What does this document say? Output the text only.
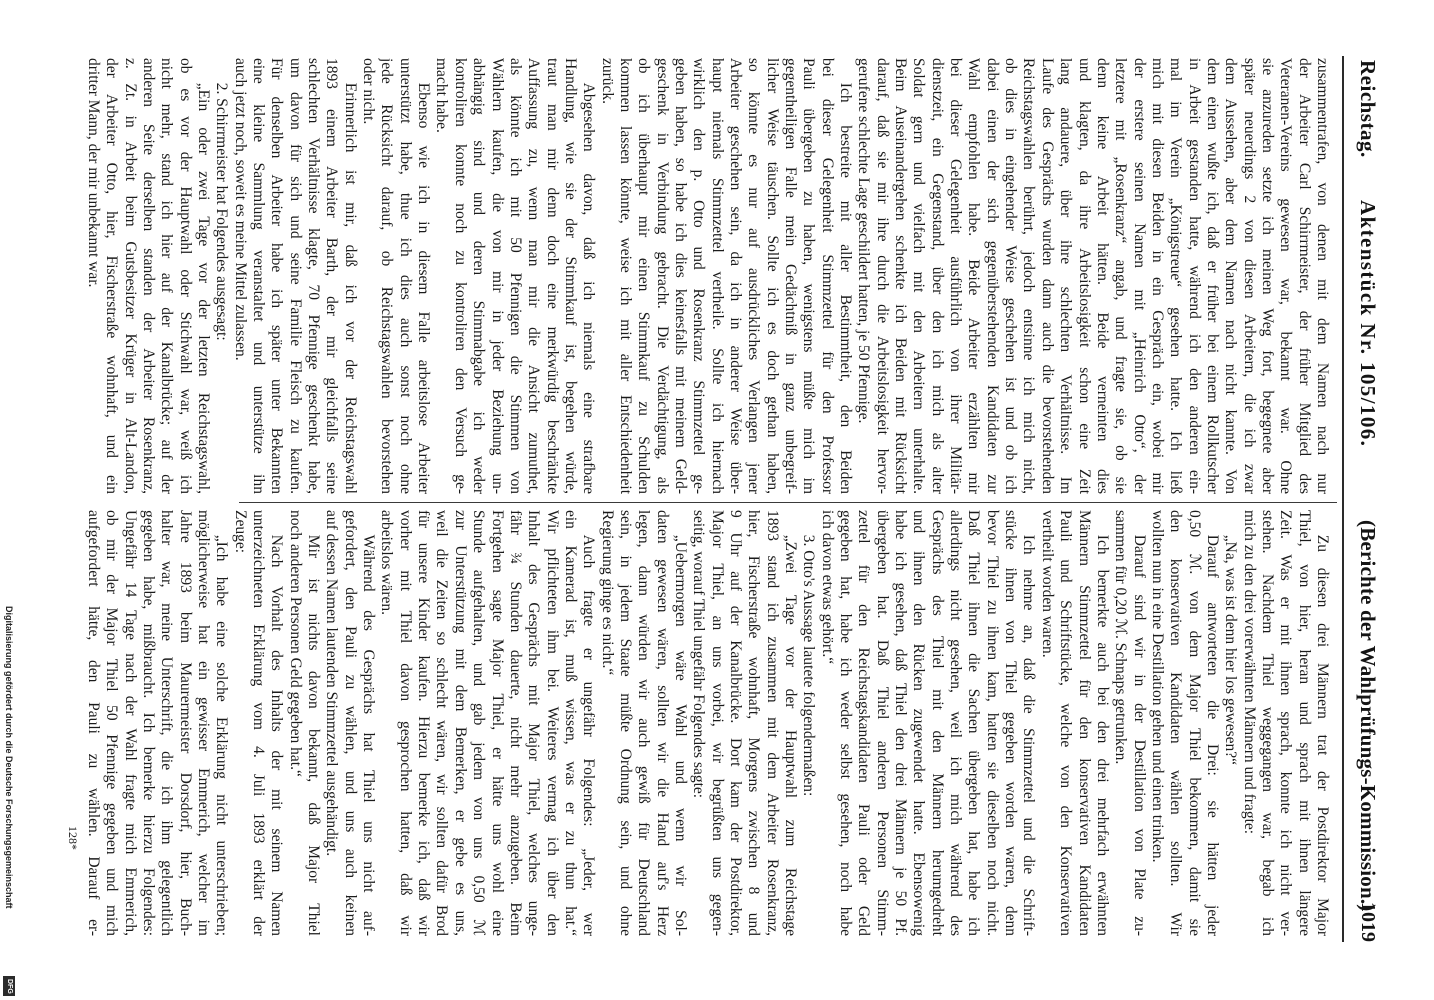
Reichstag.
Aktenstück Nr. 105/106.
(Berichte der Wahlprüfungs-Kommission.)
1019
zusammentrafen, von denen mit dem Namen nach nur
der Arbeiter Carl Schirrmeister, der früher Mitglied des
Veteranen-Vereins gewesen war, bekannt war. Ohne
sie anzureden setzte ich meinen Weg fort, begegnete aber
später neuerdings 2 von diesen Arbeitern, die ich zwar
dem Aussehen, aber dem Namen nach nicht kannte. Von
dem einen wußte ich, daß er früher bei einem Rollkutscher
in Arbeit gestanden hatte, während ich den anderen ein-
mal im Verein „Königstreue“ gesehen hatte. Ich ließ
mich mit diesen Beiden in ein Gespräch ein, wobei mir
der erstere seinen Namen mit „Heinrich Otto“, der
letztere mit „Rosenkranz“ angab, und fragte sie, ob sie
denn keine Arbeit hätten. Beide verneinten dies
und klagten, da ihre Arbeitslosigkeit schon eine Zeit
lang andauere, über ihre schlechten Verhältnisse. Im
Laufe des Gesprächs wurden dann auch die bevorstehenden
Reichstagswahlen berührt, jedoch entsinne ich mich nicht,
ob dies in eingehender Weise geschehen ist und ob ich
dabei einen der sich gegenüberstehenden Kandidaten zur
Wahl empfohlen habe. Beide Arbeiter erzählten mir
bei dieser Gelegenheit ausführlich von ihrer Militär-
dienstzeit, ein Gegenstand, über den ich mich als alter
Soldat gern und vielfach mit den Arbeitern unterhalte.
Beim Auseinandergehen schenkte ich Beiden mit Rücksicht
darauf, daß sie mir ihre durch die Arbeitslosigkeit hervor-
gerufene schlechte Lage geschildert hatten, je 50 Pfennige.
Ich bestreite mit aller Bestimmtheit, den Beiden
bei dieser Gelegenheit Stimmzettel für den Professor
Pauli übergeben zu haben, wenigstens müßte mich im
gegentheiligen Falle mein Gedächtniß in ganz unbegreif-
licher Weise täuschen. Sollte ich es doch gethan haben,
so könnte es nur auf ausdrückliches Verlangen jener
Arbeiter geschehen sein, da ich in anderer Weise über-
haupt niemals Stimmzettel vertheile. Sollte ich hiernach
wirklich den p. Otto und Rosenkranz Stimmzettel ge-
geben haben, so habe ich dies keinesfalls mit meinem Geld-
geschenk in Verbindung gebracht. Die Verdächtigung, als
ob ich überhaupt mir einen Stimmkauf zu Schulden
kommen lassen könnte, weise ich mit aller Entschiedenheit
zurück.
Abgesehen davon, daß ich niemals eine strafbare
Handlung, wie sie der Stimmkauf ist, begehen würde,
traut man mir denn doch eine merkwürdig beschränkte
Auffassung zu, wenn man mir die Ansicht zumuthet,
als könnte ich mit 50 Pfennigen die Stimmen von
Wählern kaufen, die von mir in jeder Beziehung un-
abhängig sind und deren Stimmabgabe ich weder
kontroliren konnte noch zu kontroliren den Versuch ge-
macht habe.
Ebenso wie ich in diesem Falle arbeitslose Arbeiter
unterstützt habe, thue ich dies auch sonst noch ohne
jede Rücksicht darauf, ob Reichstagswahlen bevorstehen
oder nicht.
Erinnerlich ist mir, daß ich vor der Reichstagswahl
1893 einem Arbeiter Barth, der mir gleichfalls seine
schlechten Verhältnisse klagte, 70 Pfennige geschenkt habe,
um davon für sich und seine Familie Fleisch zu kaufen.
Für denselben Arbeiter habe ich später unter Bekannten
eine kleine Sammlung veranstaltet und unterstütze ihn
auch jetzt noch, soweit es meine Mittel zulassen.
2. Schirrmeister hat Folgendes ausgesagt:
„Ein oder zwei Tage vor der letzten Reichstagswahl,
ob es vor der Hauptwahl oder Stichwahl war, weiß ich
nicht mehr, stand ich hier auf der Kanalbrücke; auf der
anderen Seite derselben standen der Arbeiter Rosenkranz,
z. Zt. in Arbeit beim Gutsbesitzer Krüger in Alt-Landon,
der Arbeiter Otto, hier, Fischerstraße wohnhaft, und ein
dritter Mann, der mir unbekannt war.
Zu diesen drei Männern trat der Postdirektor Major
Thiel, von hier, heran und sprach mit ihnen längere
Zeit. Was er mit ihnen sprach, konnte ich nicht ver-
stehen. Nachdem Thiel weggegangen war, begab ich
mich zu den drei vorerwähnten Männern und fragte:
„Na, was ist denn hier los gewesen?“
Darauf antworteten die Drei: sie hätten jeder
0,50 ℳ. von dem Major Thiel bekommen, damit sie
den konservativen Kandidaten wählen sollten. Wir
wollten nun in eine Destillation gehen und einen trinken.
Darauf sind wir in der Destillation von Plate zu-
sammen für 0,20 ℳ. Schnaps getrunken.
Ich bemerkte auch bei den drei mehrfach erwähnten
Männern Stimmzettel für den konservativen Kandidaten
Pauli und Schriftstücke, welche von den Konservativen
vertheilt worden waren.
Ich nehme an, daß die Stimmzettel und die Schrift-
stücke ihnen von Thiel gegeben worden waren, denn
bevor Thiel zu ihnen kam, hatten sie dieselben noch nicht.
Daß Thiel ihnen die Sachen übergeben hat, habe ich
allerdings nicht gesehen, weil ich mich während des
Gesprächs des Thiel mit den Männern herumgedreht
und ihnen den Rücken zugewendet hatte. Ebensowenig
habe ich gesehen, daß Thiel den drei Männern je 50 Pf.
übergeben hat. Daß Thiel anderen Personen Stimm-
zettel für den Reichstagskandidaten Pauli oder Geld
gegeben hat, habe ich weder selbst gesehen, noch habe
ich davon etwas gehört.“
3. Otto's Aussage lautete folgendermaßen:
„Zwei Tage vor der Hauptwahl zum Reichstage
1893 stand ich zusammen mit dem Arbeiter Rosenkranz,
hier, Fischerstraße wohnhaft, Morgens zwischen 8 und
9 Uhr auf der Kanalbrücke. Dort kam der Postdirektor,
Major Thiel, an uns vorbei, wir begrüßten uns gegen-
seitig, worauf Thiel ungefähr Folgendes sagte:
„Uebermorgen wäre Wahl und wenn wir Sol-
daten gewesen wären, sollten wir die Hand auf's Herz
legen, dann würden wir auch gewiß für Deutschland
sein, in jedem Staate müßte Ordnung sein, und ohne
Regierung ginge es nicht.“
Auch fragte er ungefähr Folgendes: „Jeder, wer
ein Kamerad ist, muß wissen, was er zu thun hat.“
Wir pflichteten ihm bei. Weiteres vermag ich über den
Inhalt des Gesprächs mit Major Thiel, welches unge-
fähr ¾ Stunden dauerte, nicht mehr anzugeben. Beim
Fortgehen sagte Major Thiel, er hätte uns wohl eine
Stunde aufgehalten, und gab jedem von uns 0,50 ℳ
zur Unterstützung mit dem Bemerken, er gebe es uns,
weil die Zeiten so schlecht wären, wir sollten dafür Brod
für unsere Kinder kaufen. Hierzu bemerke ich, daß wir
vorher mit Thiel davon gesprochen hatten, daß wir
arbeitslos wären.
Während des Gesprächs hat Thiel uns nicht auf-
gefordert, den Pauli zu wählen, und uns auch keinen
auf dessen Namen lautenden Stimmzettel ausgehändigt.
Mir ist nichts davon bekannt, daß Major Thiel
noch anderen Personen Geld gegeben hat.“
Nach Vorhalt des Inhalts der mit seinem Namen
unterzeichneten Erklärung vom 4. Juli 1893 erklärt der
Zeuge:
„Ich habe eine solche Erklärung nicht unterschrieben;
möglicherweise hat ein gewisser Emmerich, welcher im
Jahre 1893 beim Maurermeister Dorsdorf, hier, Buch-
halter war, meine Unterschrift, die ich ihm gelegentlich
gegeben habe, mißbraucht. Ich bemerke hierzu Folgendes:
Ungefähr 14 Tage nach der Wahl fragte mich Emmerich,
ob mir der Major Thiel 50 Pfennige gegeben und mich
aufgefordert hätte, den Pauli zu wählen. Darauf er-
128*
Digitalisierung gefördert durch die Deutsche Forschungsgemeinschaft
DFG
